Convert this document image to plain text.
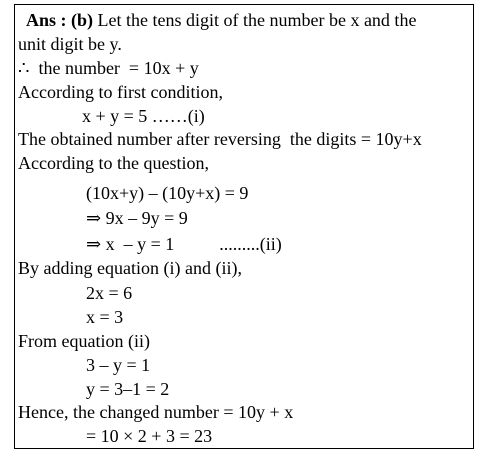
Ans : (b) Let the tens digit of the number be x and the
unit digit be y.
∴  the number  = 10x + y
According to first condition,
x + y = 5 ……(i)
The obtained number after reversing  the digits = 10y+x
According to the question,
(10x+y) – (10y+x) = 9
⇒ 9x – 9y = 9
⇒ x  – y = 1          .........(ii)
By adding equation (i) and (ii),
2x = 6
x = 3
From equation (ii)
3 – y = 1
y = 3–1 = 2
Hence, the changed number = 10y + x
= 10 × 2 + 3 = 23
